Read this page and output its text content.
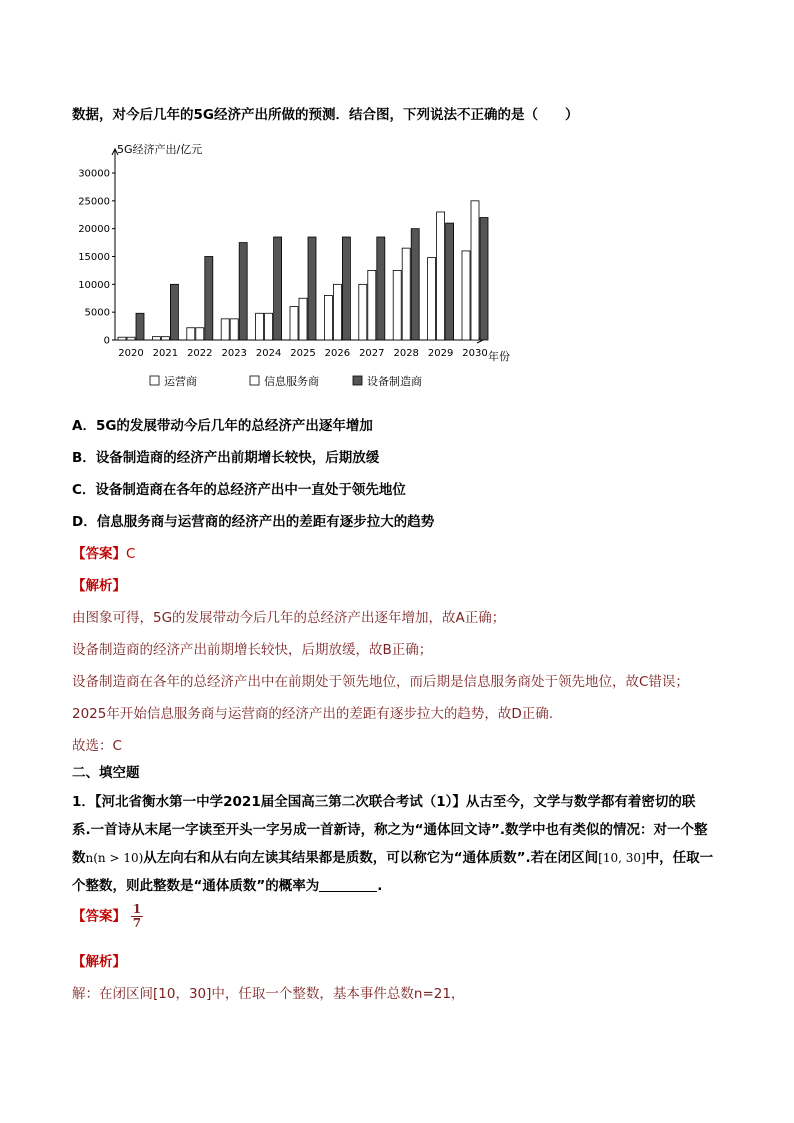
数据，对今后几年的5G经济产出所做的预测．结合图，下列说法不正确的是（　　）
5G经济产出/亿元
0
5000
10000
15000
20000
25000
30000
2020 2021 2022 2023 2024 2025 2026 2027 2028 2029 2030 年份
运营商	信息服务商	设备制造商
A．5G的发展带动今后几年的总经济产出逐年增加
B．设备制造商的经济产出前期增长较快，后期放缓
C．设备制造商在各年的总经济产出中一直处于领先地位
D．信息服务商与运营商的经济产出的差距有逐步拉大的趋势
【答案】C
【解析】
由图象可得，5G的发展带动今后几年的总经济产出逐年增加，故A正确；
设备制造商的经济产出前期增长较快，后期放缓，故B正确；
设备制造商在各年的总经济产出中在前期处于领先地位，而后期是信息服务商处于领先地位，故C错误；
2025年开始信息服务商与运营商的经济产出的差距有逐步拉大的趋势，故D正确.
故选：C
二、填空题
1．【河北省衡水第一中学2021届全国高三第二次联合考试（1）】从古至今，文学与数学都有着密切的联
系.一首诗从末尾一字读至开头一字另成一首新诗，称之为“通体回文诗”.数学中也有类似的情况：对一个整
数n(n > 10)从左向右和从右向左读其结果都是质数，可以称它为“通体质数”.若在闭区间[10, 30]中，任取一
个整数，则此整数是“通体质数”的概率为	.
【答案】 $\frac{1}{7}$
【解析】
解：在闭区间[10，30]中，任取一个整数，基本事件总数n=21，
